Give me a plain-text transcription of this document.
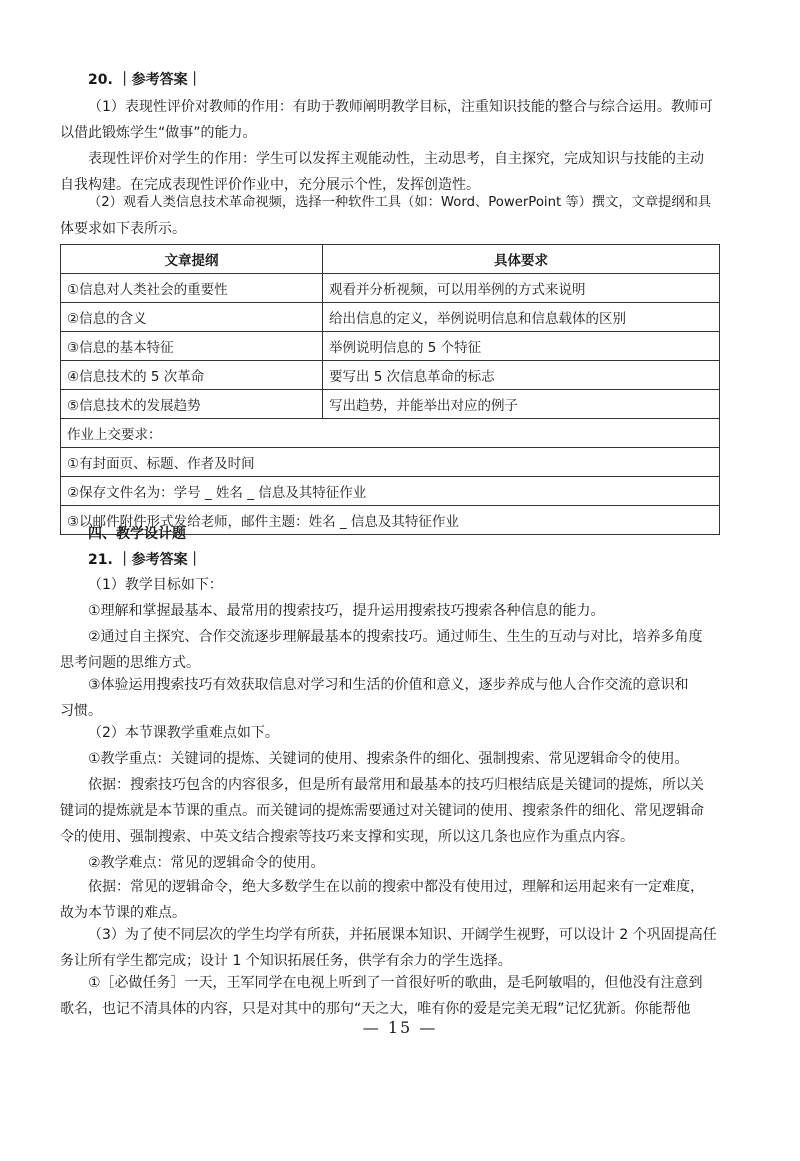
20. ｜参考答案｜
（1）表现性评价对教师的作用：有助于教师阐明教学目标，注重知识技能的整合与综合运用。教师可
以借此锻炼学生“做事”的能力。
表现性评价对学生的作用：学生可以发挥主观能动性，主动思考，自主探究，完成知识与技能的主动
自我构建。在完成表现性评价作业中，充分展示个性，发挥创造性。
（2）观看人类信息技术革命视频，选择一种软件工具（如：Word、PowerPoint 等）撰文，文章提纲和具
体要求如下表所示。
文章提纲	具体要求
①信息对人类社会的重要性	观看并分析视频，可以用举例的方式来说明
②信息的含义	给出信息的定义，举例说明信息和信息载体的区别
③信息的基本特征	举例说明信息的 5 个特征
④信息技术的 5 次革命	要写出 5 次信息革命的标志
⑤信息技术的发展趋势	写出趋势，并能举出对应的例子
作业上交要求：	
①有封面页、标题、作者及时间	
②保存文件名为：学号 _ 姓名 _ 信息及其特征作业	
③以邮件附件形式发给老师，邮件主题：姓名 _ 信息及其特征作业	
四、教学设计题
21. ｜参考答案｜
（1）教学目标如下：
①理解和掌握最基本、最常用的搜索技巧，提升运用搜索技巧搜索各种信息的能力。
②通过自主探究、合作交流逐步理解最基本的搜索技巧。通过师生、生生的互动与对比，培养多角度
思考问题的思维方式。
③体验运用搜索技巧有效获取信息对学习和生活的价值和意义，逐步养成与他人合作交流的意识和
习惯。
（2）本节课教学重难点如下。
①教学重点：关键词的提炼、关键词的使用、搜索条件的细化、强制搜索、常见逻辑命令的使用。
依据：搜索技巧包含的内容很多，但是所有最常用和最基本的技巧归根结底是关键词的提炼，所以关
键词的提炼就是本节课的重点。而关键词的提炼需要通过对关键词的使用、搜索条件的细化、常见逻辑命
令的使用、强制搜索、中英文结合搜索等技巧来支撑和实现，所以这几条也应作为重点内容。
②教学难点：常见的逻辑命令的使用。
依据：常见的逻辑命令，绝大多数学生在以前的搜索中都没有使用过，理解和运用起来有一定难度，
故为本节课的难点。
（3）为了使不同层次的学生均学有所获，并拓展课本知识、开阔学生视野，可以设计 2 个巩固提高任
务让所有学生都完成；设计 1 个知识拓展任务，供学有余力的学生选择。
①［必做任务］一天，王军同学在电视上听到了一首很好听的歌曲，是毛阿敏唱的，但他没有注意到
歌名，也记不清具体的内容，只是对其中的那句“天之大，唯有你的爱是完美无瑕”记忆犹新。你能帮他
— 15 —
